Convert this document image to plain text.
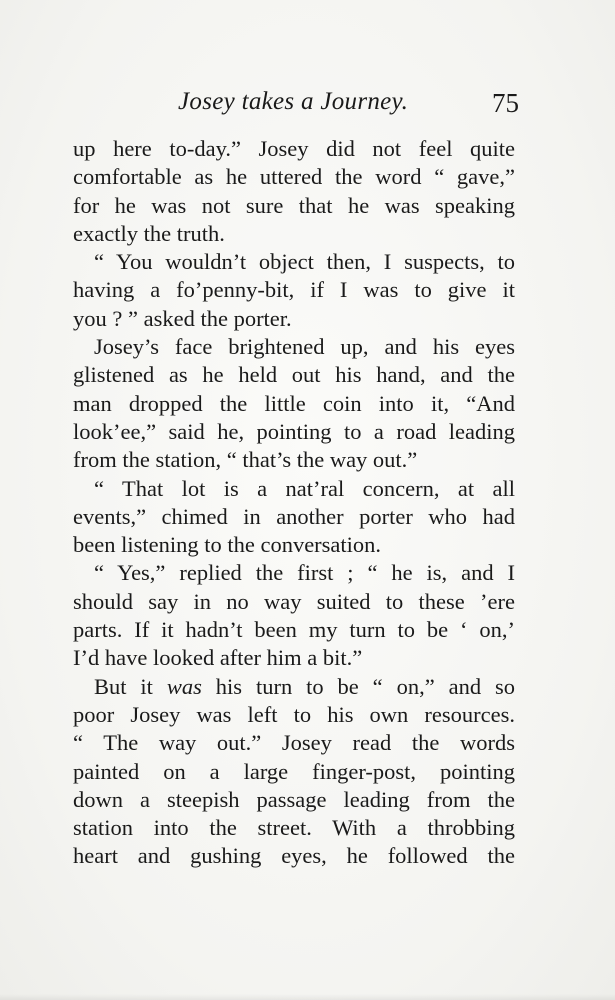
Josey takes a Journey.	75
up here to-day.” Josey did not feel quite
comfortable as he uttered the word “ gave,”
for he was not sure that he was speaking
exactly the truth.
“ You wouldn’t object then, I suspects, to
having a fo’penny-bit, if I was to give it
you ? ” asked the porter.
Josey’s face brightened up, and his eyes
glistened as he held out his hand, and the
man dropped the little coin into it, “And
look’ee,” said he, pointing to a road leading
from the station, “ that’s the way out.”
“ That lot is a nat’ral concern, at all
events,” chimed in another porter who had
been listening to the conversation.
“ Yes,” replied the first ; “ he is, and I
should say in no way suited to these ’ere
parts. If it hadn’t been my turn to be ‘ on,’
I’d have looked after him a bit.”
But it was his turn to be “ on,” and so
poor Josey was left to his own resources.
“ The way out.” Josey read the words
painted on a large finger-post, pointing
down a steepish passage leading from the
station into the street. With a throbbing
heart and gushing eyes, he followed the
